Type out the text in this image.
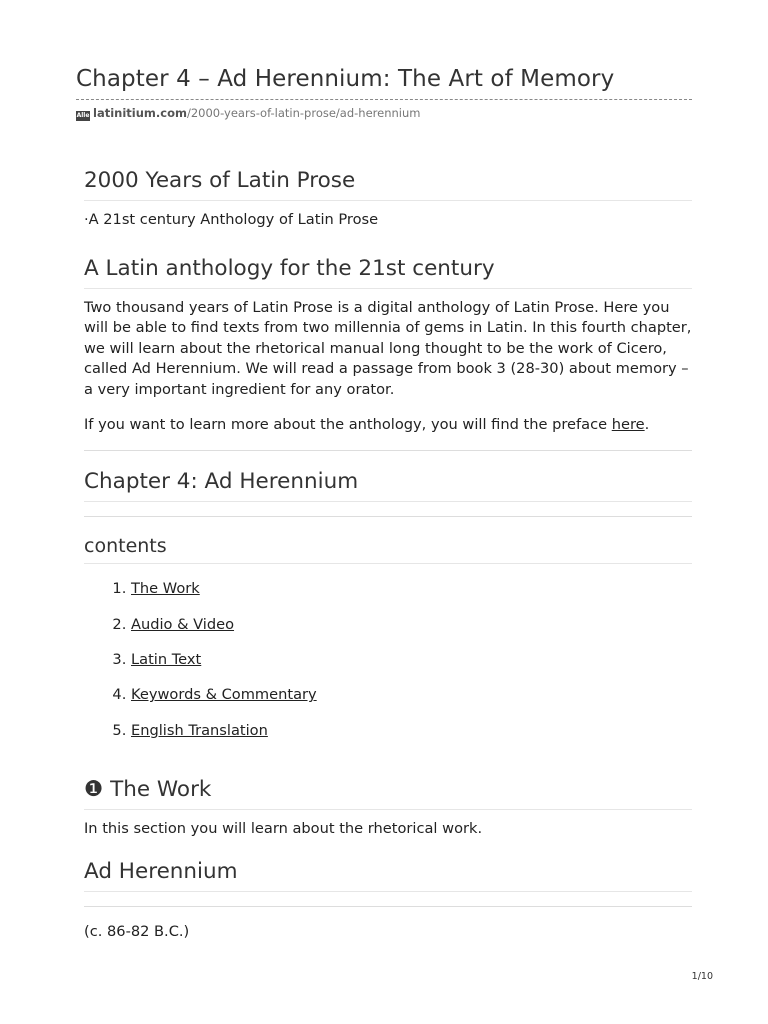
Chapter 4 – Ad Herennium: The Art of Memory
Alle latinitium.com/2000-years-of-latin-prose/ad-herennium
2000 Years of Latin Prose

·A 21st century Anthology of Latin Prose

A Latin anthology for the 21st century

Two thousand years of Latin Prose is a digital anthology of Latin Prose. Here you will be able to find texts from two millennia of gems in Latin. In this fourth chapter, we will learn about the rhetorical manual long thought to be the work of Cicero, called Ad Herennium. We will read a passage from book 3 (28-30) about memory – a very important ingredient for any orator.

If you want to learn more about the anthology, you will find the preface here.

Chapter 4: Ad Herennium
contents
1. The Work
2. Audio & Video
3. Latin Text
4. Keywords & Commentary
5. English Translation
❶ The Work

In this section you will learn about the rhetorical work.

Ad Herennium

(c. 86-82 B.C.)

1/10
